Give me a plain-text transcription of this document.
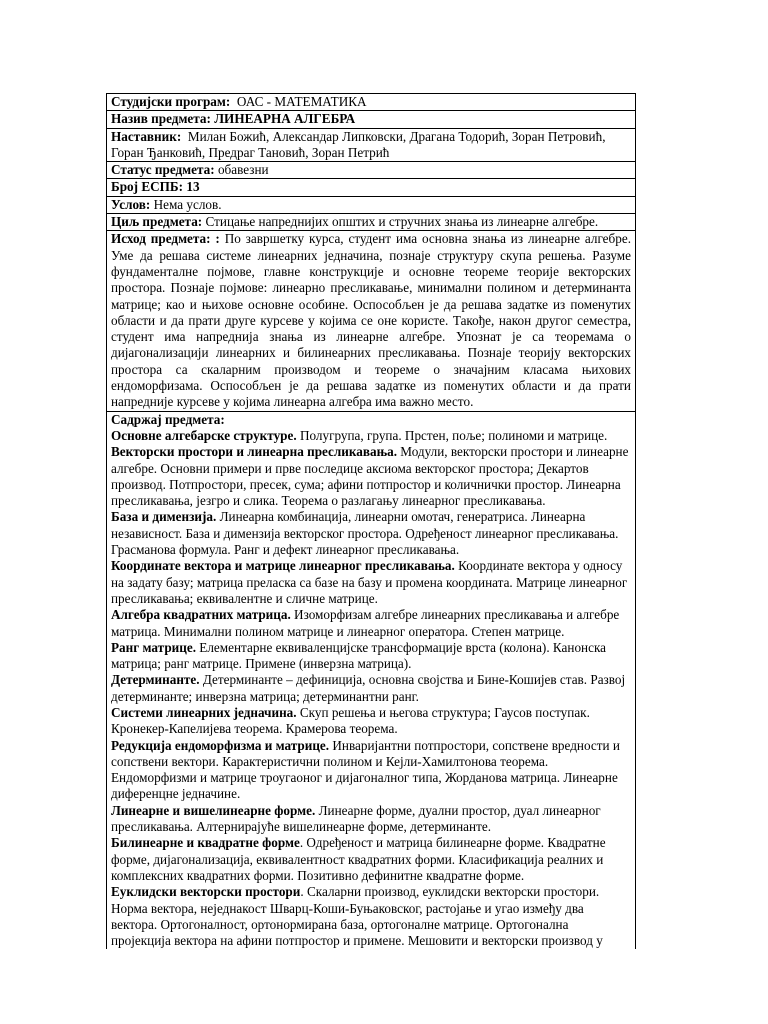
Студијски програм:  ОАС - МАТЕМАТИКА
Назив предмета: ЛИНЕАРНА АЛГЕБРА
Наставник:  Милан Божић, Александар Липковски, Драгана Тодорић, Зоран Петровић, Горан Ђанковић, Предраг Тановић, Зоран Петрић
Статус предмета: обавезни
Број ЕСПБ: 13
Услов: Нема услов.
Циљ предмета: Стицање напреднијих општих и стручних знања из линеарне алгебре.
Исход предмета: : По завршетку курса, студент има основна знања из линеарне алгебре. Уме да решава системе линеарних једначина, познаје структуру скупа решења. Разуме фундаменталне појмове, главне конструкције и основне теореме теорије векторских простора. Познаје појмове: линеарно пресликавање, минимални полином и детерминанта матрице; као и њихове основне особине. Оспособљен је да решава задатке из поменутих области и да прати друге курсеве у којима се оне користе. Такође, након другог семестра, студент има напреднија знања из линеарне алгебре. Упознат је са теоремама о дијагонализацији линеарних и билинеарних пресликавања. Познаје теорију векторских простора са скаларним производом и теореме о значајним класама њихових ендоморфизама. Оспособљен је да решава задатке из поменутих области и да прати напредније курсеве у којима линеарна алгебра има важно место.

Садржај предмета:
Основне алгебарске структуре. Полугрупа, група. Прстен, поље; полиноми и матрице.
Векторски простори и линеарна пресликавања. Модули, векторски простори и линеарне алгебре. Основни примери и прве последице аксиома векторског простора; Декартов производ. Потпростори, пресек, сума; афини потпростор и количнички простор. Линеарна пресликавања, језгро и слика. Теорема о разлагању линеарног пресликавања.
База и димензија. Линеарна комбинација, линеарни омотач, генератриса. Линеарна независност. База и димензија векторског простора. Одређеност линеарног пресликавања. Грасманова формула. Ранг и дефект линеарног пресликавања.
Координате вектора и матрице линеарног пресликавања. Координате вектора у односу на задату базу; матрица преласка са базе на базу и промена координата. Матрице линеарног пресликавања; еквивалентне и сличне матрице.
Алгебра квадратних матрица. Изоморфизам алгебре линеарних пресликавања и алгебре матрица. Минимални полином матрице и линеарног оператора. Степен матрице.
Ранг матрице. Елементарне еквиваленцијске трансформације врста (колона). Канонска матрица; ранг матрице. Примене (инверзна матрица).
Детерминанте. Детерминанте – дефиниција, основна својства и Бине-Кошијев став. Развој детерминанте; инверзна матрица; детерминантни ранг.
Системи линеарних једначина. Скуп решења и његова структура; Гаусов поступак. Кронекер-Капелијева теорема. Крамерова теорема.
Редукција ендоморфизма и матрице. Инваријантни потпростори, сопствене вредности и сопствени вектори. Карактеристични полином и Кејли-Хамилтонова теорема. Ендоморфизми и матрице троугаоног и дијагоналног типа, Жорданова матрица. Линеарне диференцне једначине.
Линеарне и вишелинеарне форме. Линеарне форме, дуални простор, дуал линеарног пресликавања. Алтернирајуће вишелинеарне форме, детерминанте.
Билинеарне и квадратне форме. Одређеност и матрица билинеарне форме. Квадратне форме, дијагонализација, еквивалентност квадратних форми. Класификација реалних и комплексних квадратних форми. Позитивно дефинитне квадратне форме.
Еуклидски векторски простори. Скаларни производ, еуклидски векторски простори. Норма вектора, неједнакост Шварц-Коши-Буњаковског, растојање и угао између два вектора. Ортогоналност, ортонормирана база, ортогоналне матрице. Ортогонална пројекција вектора на афини потпростор и примене. Мешовити и векторски производ у
